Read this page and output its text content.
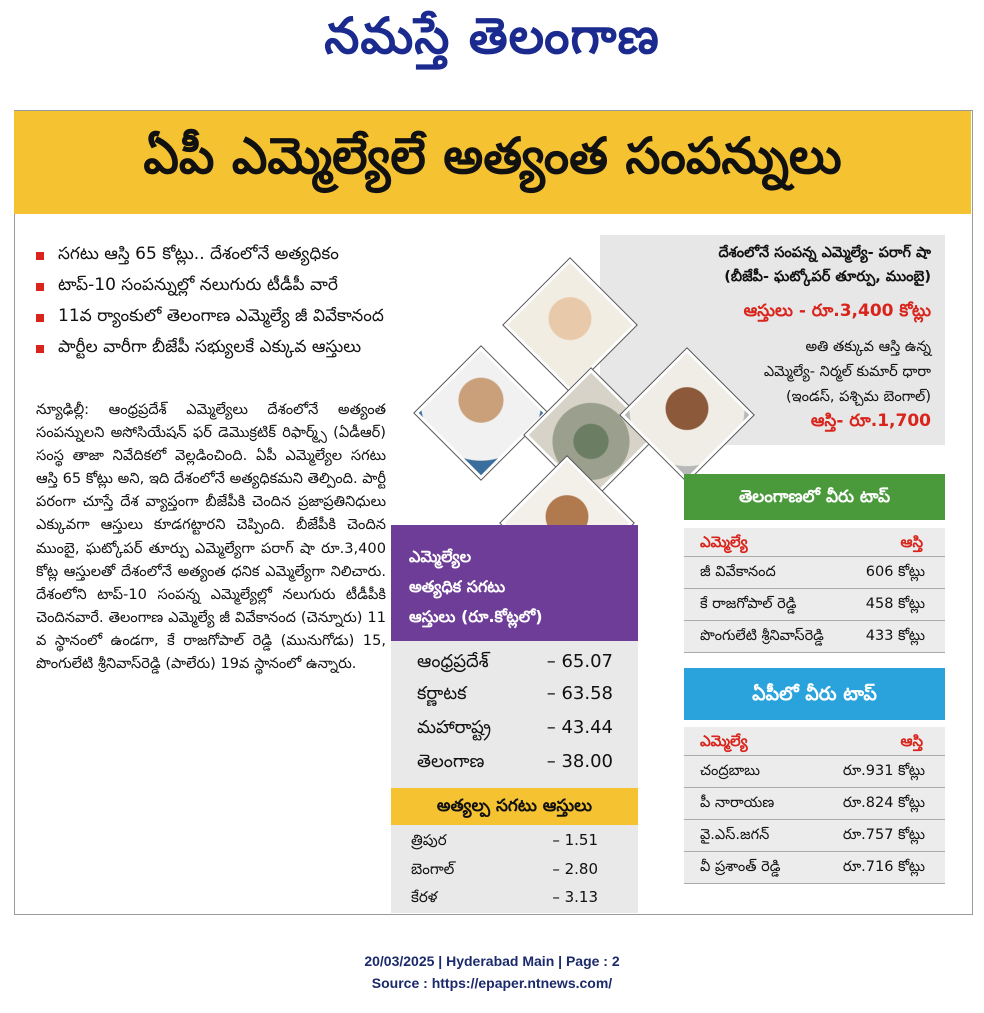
నమస్తే తెలంగాణ
ఏపీ ఎమ్మెల్యేలే అత్యంత సంపన్నులు
సగటు ఆస్తి 65 కోట్లు.. దేశంలోనే అత్యధికం
టాప్-10 సంపన్నుల్లో నలుగురు టీడీపీ వారే
11వ ర్యాంకులో తెలంగాణ ఎమ్మెల్యే జీ వివేకానంద
పార్టీల వారీగా బీజేపీ సభ్యులకే ఎక్కువ ఆస్తులు

న్యూఢిల్లీ: ఆంధ్రప్రదేశ్ ఎమ్మెల్యేలు దేశంలోనే అత్యంత సంపన్నులని అసోసియేషన్ ఫర్ డెమొక్రటిక్ రిఫార్మ్స్ (ఏడీఆర్) సంస్థ తాజా నివేదికలో వెల్లడించింది. ఏపీ ఎమ్మెల్యేల సగటు ఆస్తి 65 కోట్లు అని, ఇది దేశంలోనే అత్యధికమని తెల్పింది. పార్టీ పరంగా చూస్తే దేశ వ్యాప్తంగా బీజేపీకి చెందిన ప్రజాప్రతినిధులు ఎక్కువగా ఆస్తులు కూడగట్టారని చెప్పింది. బీజేపీకి చెందిన ముంబై, ఘట్కోపర్ తూర్పు ఎమ్మెల్యేగా పరాగ్ షా రూ.3,400 కోట్ల ఆస్తులతో దేశంలోనే అత్యంత ధనిక ఎమ్మెల్యేగా నిలిచారు. దేశంలోని టాప్-10 సంపన్న ఎమ్మెల్యేల్లో నలుగురు టీడీపీకి చెందినవారే. తెలంగాణ ఎమ్మెల్యే జీ వివేకానంద (చెన్నూరు) 11 వ స్థానంలో ఉండగా, కే రాజగోపాల్ రెడ్డి (మునుగోడు) 15, పొంగులేటి శ్రీనివాస్‌రెడ్డి (పాలేరు) 19వ స్థానంలో ఉన్నారు.

దేశంలోనే సంపన్న ఎమ్మెల్యే- పరాగ్ షా
(బీజేపీ- ఘట్కోపర్ తూర్పు, ముంబై)
ఆస్తులు - రూ.3,400 కోట్లు
అతి తక్కువ ఆస్తి ఉన్న
ఎమ్మెల్యే- నిర్మల్ కుమార్ ధారా
(ఇండస్, పశ్చిమ బెంగాల్)
ఆస్తి- రూ.1,700
ఎమ్మెల్యేల
అత్యధిక సగటు
ఆస్తులు (రూ.కోట్లలో)
ఆంధ్రప్రదేశ్	– 65.07
కర్ణాటక	– 63.58
మహారాష్ట్ర	– 43.44
తెలంగాణ	– 38.00
అత్యల్ప సగటు ఆస్తులు
త్రిపుర	– 1.51
బెంగాల్	– 2.80
కేరళ	– 3.13
తెలంగాణలో వీరు టాప్
ఎమ్మెల్యే	ఆస్తి
జీ వివేకానంద	606 కోట్లు
కే రాజగోపాల్ రెడ్డి	458 కోట్లు
పొంగులేటి శ్రీనివాస్‌రెడ్డి	433 కోట్లు
ఏపీలో వీరు టాప్
ఎమ్మెల్యే	ఆస్తి
చంద్రబాబు	రూ.931 కోట్లు
పీ నారాయణ	రూ.824 కోట్లు
వై.ఎస్.జగన్	రూ.757 కోట్లు
వీ ప్రశాంత్ రెడ్డి	రూ.716 కోట్లు
20/03/2025 | Hyderabad Main | Page : 2
Source : https://epaper.ntnews.com/
